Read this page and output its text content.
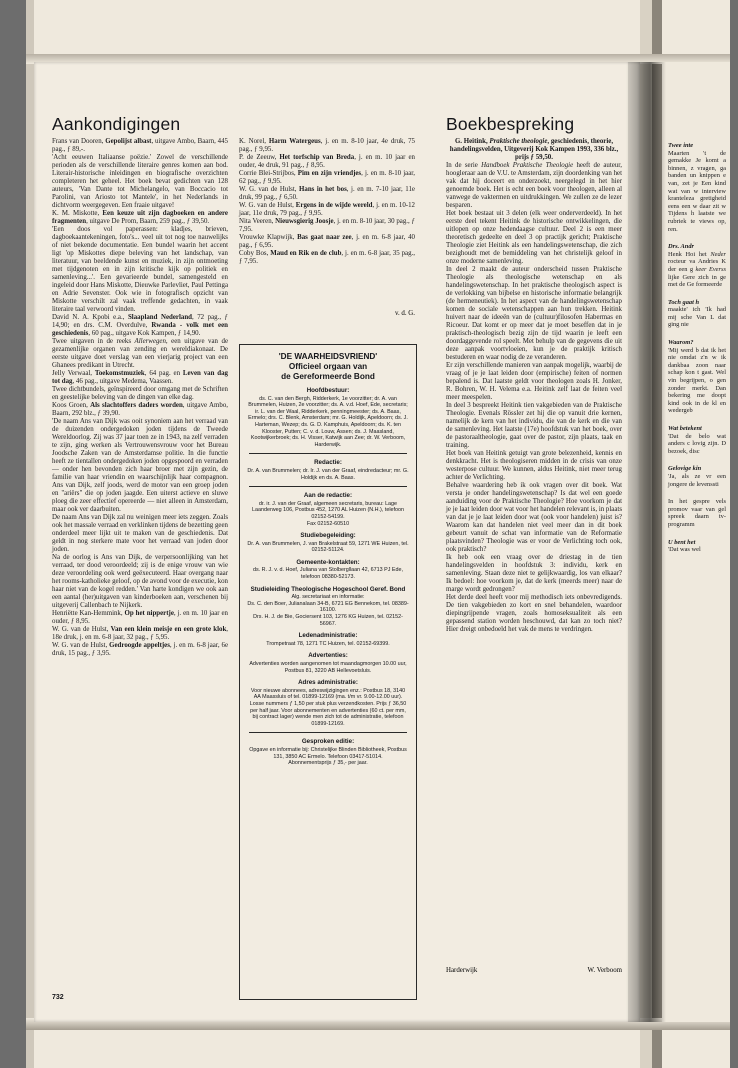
Aankondigingen	Boekbespreking

Frans van Dooren, Gepolijst albast, uitgave Ambo, Baarn, 445 pag., ƒ 89,-.

'Acht eeuwen Italiaanse poëzie.' Zowel de verschillende perioden als de verschillende literaire genres komen aan bod. Literair-historische inleidingen en biografische overzichten completeren het geheel. Het boek bevat gedichten van 128 auteurs, 'Van Dante tot Michelangelo, van Boccacio tot Parolini, van Ariosto tot Mantele', in het Nederlands in dichtvorm weergegeven. Een fraaie uitgave!

K. M. Miskotte, Een keuze uit zijn dagboeken en andere fragmenten, uitgave De Prom, Baarn, 259 pag., ƒ 39,50.

'Een doos vol paperassen: kladjes, brieven, dagboekaantekeningen, foto's... veel uit tot nog toe nauwelijks of niet bekende documentatie. Een bundel waarin het accent ligt 'op Miskottes diepe beleving van het landschap, van literatuur, van beeldende kunst en muziek, in zijn ontmoeting met tijdgenoten en in zijn kritische kijk op politiek en samenleving...'. Een gevarieerde bundel, samengesteld en ingeleid door Hans Miskotte, Dieuwke Parlevliet, Paul Pettinga en Adrie Sevenster. Ook wie in fotografisch opzicht van Miskotte verschilt zal vaak treffende gedachten, in vaak literaire taal verwoord vinden.

David N. A. Kpobi e.a., Slaapland Nederland, 72 pag., ƒ 14,90; en drs. C.M. Overdulve, Rwanda - volk met een geschiedenis, 60 pag., uitgave Kok Kampen, ƒ 14,90.

Twee uitgaven in de reeks Allerwegen, een uitgave van de gezamenlijke organen van zending en wereldiakonaat. De eerste uitgave doet verslag van een vierjarig project van een Ghanees predikant in Utrecht.

Jelly Verwaal, Toekomstmuziek, 64 pag. en Leven van dag tot dag, 46 pag., uitgave Medema, Vaassen.

Twee dichtbundels, geïnspireerd door omgang met de Schriften en geestelijke beleving van de dingen van elke dag.

Koos Groen, Als slachtoffers daders worden, uitgave Ambo, Baarn, 292 blz., ƒ 39,90.

'De naam Ans van Dijk was ooit synoniem aan het verraad van de duizenden ondergedoken joden tijdens de Tweede Wereldoorlog. Zij was 37 jaar toen ze in 1943, na zelf verraden te zijn, ging werken als Vertrouwensvrouw voor het Bureau Joodsche Zaken van de Amsterdamse politie. In die functie heeft ze tientallen ondergedoken joden opgespoord en verraden — onder hen bevonden zich haar broer met zijn gezin, de familie van haar vriendin en waarschijnlijk haar compagnon. Ans van Dijk, zelf joods, werd de motor van een groep joden en "ariërs" die op joden jaagde. Een uiterst actieve en sluwe ploeg die zeer effectief opereerde — niet alleen in Amsterdam, maar ook ver daarbuiten.

De naam Ans van Dijk zal nu weinigen meer iets zeggen. Zoals ook het massale verraad en verklinken tijdens de bezetting geen onderdeel meer lijkt uit te maken van de geschiedenis. Dat geldt in nog sterkere mate voor het verraad van joden door joden.

Na de oorlog is Ans van Dijk, de verpersoonlijking van het verraad, ter dood veroordeeld; zij is de enige vrouw van wie deze veroordeling ook werd geëxecuteerd. Haar overgang naar het rooms-katholieke geloof, op de avond voor de executie, kon haar niet van de kogel redden.' Van harte kondigen we ook aan een aantal (her)uitgaven van kinderboeken aan, verschenen bij uitgeverij Callenbach te Nijkerk.

Henriëtte Kan-Hemmink, Op het nippertje, j. en m. 10 jaar en ouder, ƒ 8,95.

W. G. van de Hulst, Van een klein meisje en een grote klok, 18e druk, j. en m. 6-8 jaar, 32 pag., ƒ 5,95.

W. G. van de Hulst, Gedroogde appeltjes, j. en m. 6-8 jaar, 6e druk, 15 pag., ƒ 3,95.

K. Norel, Harm Watergeus, j. en m. 8-10 jaar, 4e druk, 75 pag., ƒ 9,95.

P. de Zeeuw, Het torfschip van Breda, j. en m. 10 jaar en ouder, 4e druk, 91 pag., ƒ 8,95.

Corrie Blei-Strijbos, Pim en zijn vriendjes, j. en m. 8-10 jaar, 62 pag., ƒ 9,95.

W. G. van de Hulst, Hans in het bos, j. en m. 7-10 jaar, 11e druk, 99 pag., ƒ 6,50.

W. G. van de Hulst, Ergens in de wijde wereld, j. en m. 10-12 jaar, 11e druk, 79 pag., ƒ 9,95.

Nita Veeren, Nieuwsgierig Joosje, j. en m. 8-10 jaar, 30 pag., ƒ 7,95.

Vrouwke Klapwijk, Bas gaat naar zee, j. en m. 6-8 jaar, 40 pag., ƒ 6,95.

Coby Bos, Maud en Rik en de club, j. en m. 6-8 jaar, 35 pag., ƒ 7,95.

v. d. G.
'DE WAARHEIDSVRIEND'
Officieel orgaan van
de Gereformeerde Bond
Hoofdbestuur:
ds. C. van den Bergh, Ridderkerk, 1e voorzitter; dr. A. van Brummelen, Huizen, 2e voorzitter; ds. A. v.d. Hoef, Ede, secretaris; ir. L. van der Waal, Ridderkerk, penningmeester; ds. A. Baas, Ermelo; drs. C. Blenk, Amsterdam; mr. G. Holdijk, Apeldoorn; ds. J. Harteman, Wezep; ds. G. D. Kamphuis, Apeldoorn; ds. K. ten Klooster, Putten; C. v. d. Louw, Assen; ds. J. Maasland, Kootwijkerbroek; ds. H. Visser, Katwijk aan Zee; dr. W. Verboom, Harderwijk.
Redactie:
Dr. A. van Brummelen; dr. Ir. J. van der Graaf, eindredacteur; mr. G. Holdijk en ds. A. Baas.
Aan de redactie:
dr. ir. J. van der Graaf, algemeen secretaris, bureau: Lage Laanderweg 106, Postbus 452, 1270 AL Huizen (N.H.), telefoon 02152-54199.
Fax 02152-60510
Studiebegeleiding:
Dr. A. van Brummelen, J. van Brakelstraat 59, 1271 WE Huizen, tel. 02152-51124.
Gemeente-kontakten:
ds. R. J. v. d. Hoef, Juliana van Stolbergllaan 42, 6713 PJ Ede, telefoon 08380-52173.
Studieleiding Theologische Hogeschool Geref. Bond
Alg. secretariaat en informatie:
Ds. C. den Boer, Julianalaan 34-B, 6721 EG Bennekom, tel. 08389-16100.
Drs. H. J. de Bie, Gociersent 103, 1276 KG Huizen, tel. 02152-56967.
Ledenadministratie:
Trompetraat 78, 1271 TC Huizen, tel. 02152-69399.
Advertenties:
Advertenties worden aangenomen tot maandagmorgen 10.00 uur, Postbus 81, 3220 AB Hellevoetsluis.
Adres administratie:
Voor nieuwe abonnees, adreswijzigingen enz.: Postbus 18, 3140 AA Maassluis of tel. 01899-12169 (ma. t/m vr. 9.00-12.00 uur). Losse nummers ƒ 1,50 per stuk plus verzendkosten. Prijs ƒ 36,50 per half jaar. Voor abonnementen en advertenties (60 ct. per mm, bij contract lager) wende men zich tot de administratie, telefoon 01899-12169.
Gesproken editie:
Opgave en informatie bij: Christelijke Blinden Bibliotheek, Postbus 131, 3850 AC Ermelo. Telefoon 03417-51014.
Abonnementsprijs ƒ 35,- per jaar.

G. Heitink, Praktische theologie, geschiedenis, theorie, handelingsvelden, Uitgeverij Kok Kampen 1993, 336 blz., prijs ƒ 59,50.

In de serie Handboek Praktische Theologie heeft de auteur, hoogleraar aan de V.U. te Amsterdam, zijn doordenking van het vak dat hij doceert en onderzoekt, neergelegd in het hier genoemde boek. Het is echt een boek voor theologen, alleen al vanwege de vaktermen en uitdrukkingen. We zullen ze de lezer besparen.

Het boek bestaat uit 3 delen (elk weer onderverdeeld). In het eerste deel tekent Heitink de historische ontwikkelingen, die uitlopen op onze hedendaagse cultuur. Deel 2 is een meer theoretisch gedeelte en deel 3 op practijk gericht; Praktische Theologie ziet Heitink als een handelingswetenschap, die zich bezighoudt met de bemiddeling van het christelijk geloof in onze moderne samenleving.

In deel 2 maakt de auteur onderscheid tussen Praktische Theologie als theologische wetenschap en als handelingswetenschap. In het praktische theologisch aspect is de verlokking van bijbelse en historische informatie belangrijk (de hermeneutiek). In het aspect van de handelingswetenschap komen de sociale wetenschappen aan hun trekken. Heitink huivert naar de ideeën van de (cultuur)filosofen Habermas en Ricoeur. Dat komt er op meer dat je moet beseffen dat in je praktisch-theologisch bezig zijn de tijd waarin je leeft een doordaggevende rol speelt. Met behulp van de gegevens die uit deze aanpak voortvloeien, kun je de praktijk kritisch bestuderen en waar nodig de ze veranderen.

Er zijn verschillende manieren van aanpak mogelijk, waarbij de vraag of je je laat leiden door (empirische) feiten of normen bepalend is. Dat laatste geldt voor theologen zoals H. Jonker, R. Bohren, W. H. Velema e.a. Heitink zelf laat de feiten veel meer meespelen.

In deel 3 bespreekt Heitink tien vakgebieden van de Praktische Theologie. Evenals Rössler zet hij die op vanuit drie kernen, namelijk de kern van het individu, die van de kerk en die van de samenleving. Het laatste (17e) hoofdstuk van het boek, over de pastoraaltheologie, gaat over de pastor, zijn plaats, taak en training.

Het boek van Heitink getuigt van grote belezenheid, kennis en denkkracht. Het is theologiseren midden in de crisis van onze westerpose cultuur. We kunnen, aldus Heitink, niet meer terug achter de Verlichting.

Behalve waardering heb ik ook vragen over dit boek. Wat versta je onder handelingswetenschap? Is dat wel een goede aanduiding voor de Praktische Theologie? Hoe voorkom je dat je je laat leiden door wat voor het handelen relevant is, in plaats van dat je je laat leiden door wat (ook voor handelen) juist is? Waarom kan dat handelen niet veel meer dan in dit boek gebeurt vanuit de schat van informatie van de Reformatie plaatsvinden? Theologie was er voor de Verlichting toch ook, ook praktisch?

Ik heb ook een vraag over de driestag in de tien handelingsvelden in hoofdstuk 3: individu, kerk en samenleving. Staan deze niet te gelijkwaardig, los van elkaar? Ik bedoel: hoe voorkom je, dat de kerk (meerds meer) naar de marge wordt gedrongen?

Het derde deel heeft voor mij methodisch iets onbevredigends. De tien vakgebieden zo kort en snel behandelen, waardoor diepingrijpende vragen, zoals homoseksualiteit als een gepassend station worden heschouwd, dat kan zo toch niet? Hier dreigt onbedoeld het vak de mens te verdringen.

Harderwijk	W. Verboom
732
Twee inte
Maarten 't de gemakke Je komt a binnen, z vragen, ga banden un knippen e van, zet je Een kind wat van w interview kranteleza gretigheid eens een w daar zit w Tijdens h laatste we rubriek te views op, ren.
Drs. Andr
Henk Hoi het Neder rocteur va Andries K der een g keer Everss lijke Gere zich in ge met de Ge formeerde
Toch gaat h
maakte' ich 'Ik had mij sche Van L dat ging nie
Waarom?
'Mij werd b dat ik het nie omdat z'n w ik dankbaa zoon naar schap kon t gast. Wel vin begrijpen, o gen zonder merkt. Dan bekering me doopt kind ook in de kl en wedergeb
Wat betekent
'Dat de belo wat anders c lovig zijn. D bezoek, disc
Gelovige kin
'Ja, als ze vr een jongere de levenssti
In het gespre vels promov vaar van gel spreek daarn tv-programm
U bent het
'Dat was wel
